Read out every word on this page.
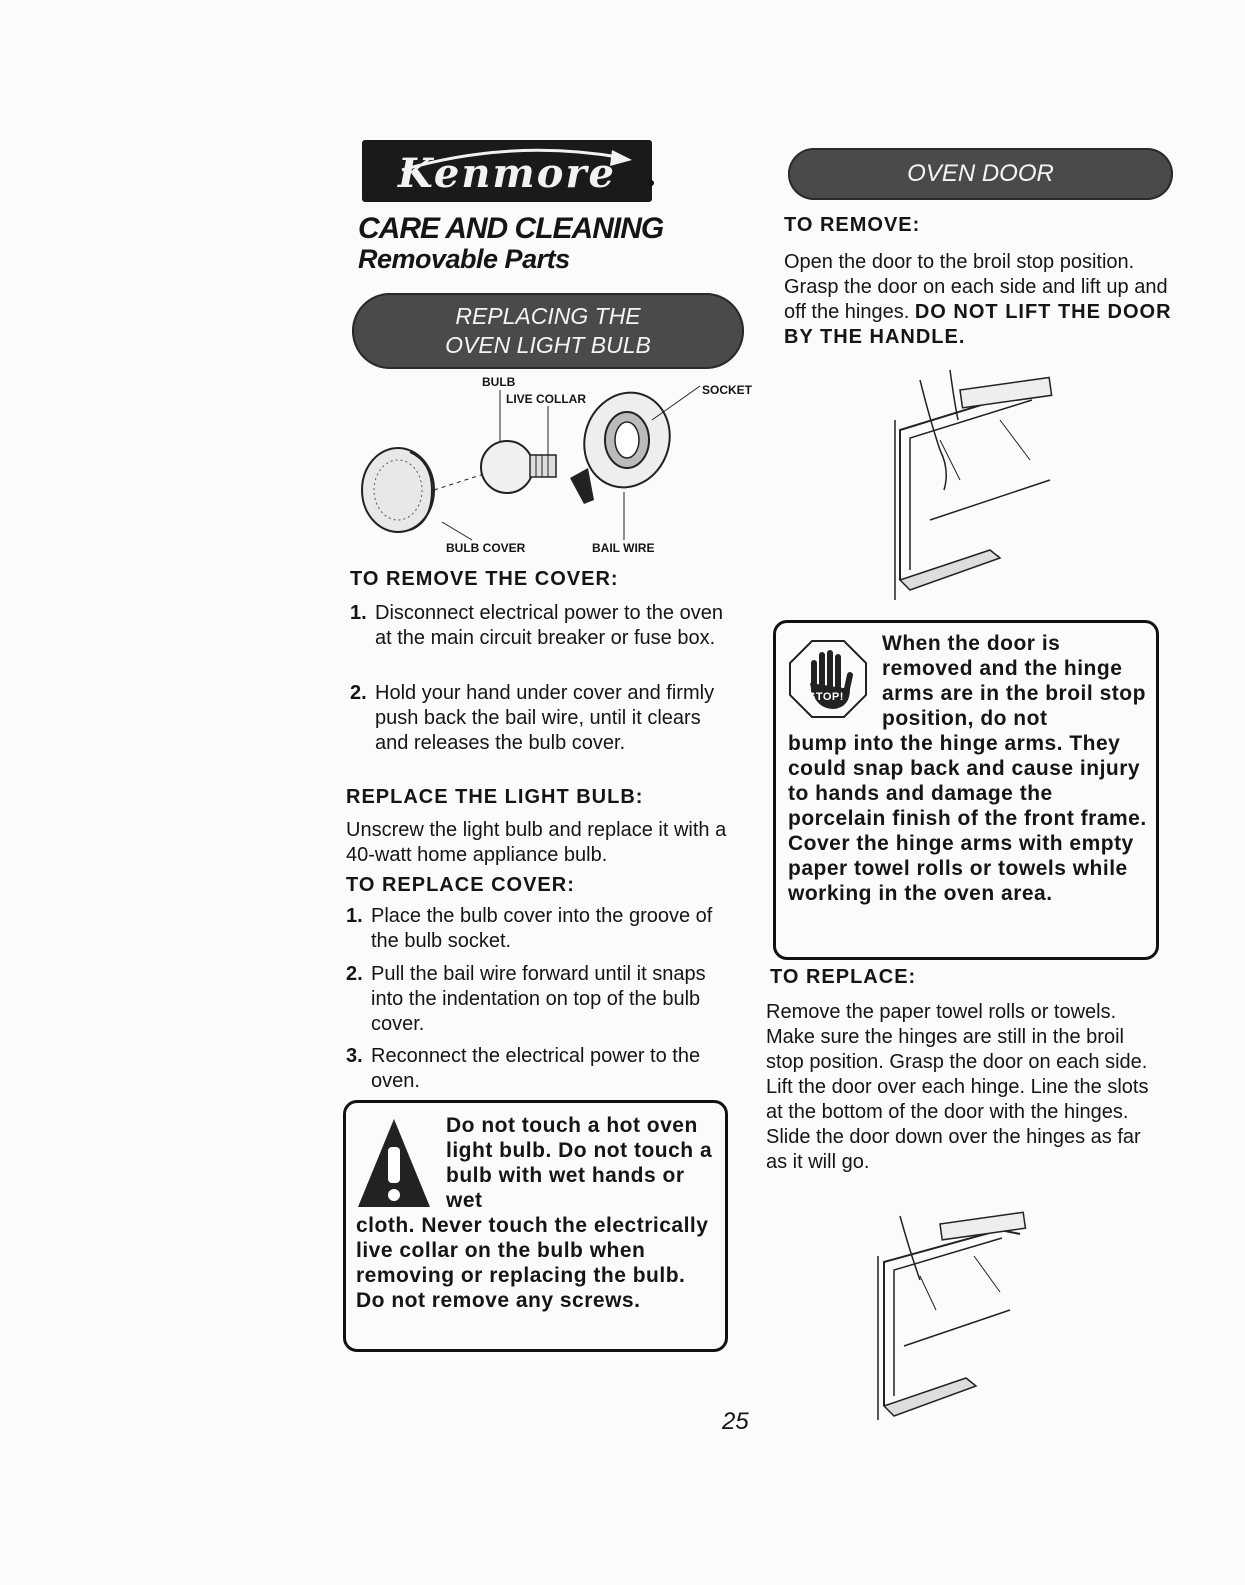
Kenmore
CARE AND CLEANING
Removable Parts
REPLACING THE
OVEN LIGHT BULB
BULB
LIVE COLLAR
SOCKET
BULB COVER	BAIL WIRE
TO REMOVE THE COVER:
1. Disconnect electrical power to the oven at the main circuit breaker or fuse box.
2. Hold your hand under cover and firmly push back the bail wire, until it clears and releases the bulb cover.
REPLACE THE LIGHT BULB:
Unscrew the light bulb and replace it with a 40-watt home appliance bulb.
TO REPLACE COVER:
1. Place the bulb cover into the groove of the bulb socket.
2. Pull the bail wire forward until it snaps into the indentation on top of the bulb cover.
3. Reconnect the electrical power to the oven.
Do not touch a hot oven light bulb. Do not touch a bulb with wet hands or wet
cloth. Never touch the electrically live collar on the bulb when removing or replacing the bulb. Do not remove any screws.
OVEN DOOR
TO REMOVE:
Open the door to the broil stop position. Grasp the door on each side and lift up and off the hinges. DO NOT LIFT THE DOOR BY THE HANDLE.
STOP!
When the door is removed and the hinge arms are in the broil stop position, do not
bump into the hinge arms. They could snap back and cause injury to hands and damage the porcelain finish of the front frame. Cover the hinge arms with empty paper towel rolls or towels while working in the oven area.
TO REPLACE:
Remove the paper towel rolls or towels. Make sure the hinges are still in the broil stop position. Grasp the door on each side. Lift the door over each hinge. Line the slots at the bottom of the door with the hinges. Slide the door down over the hinges as far as it will go.
25
